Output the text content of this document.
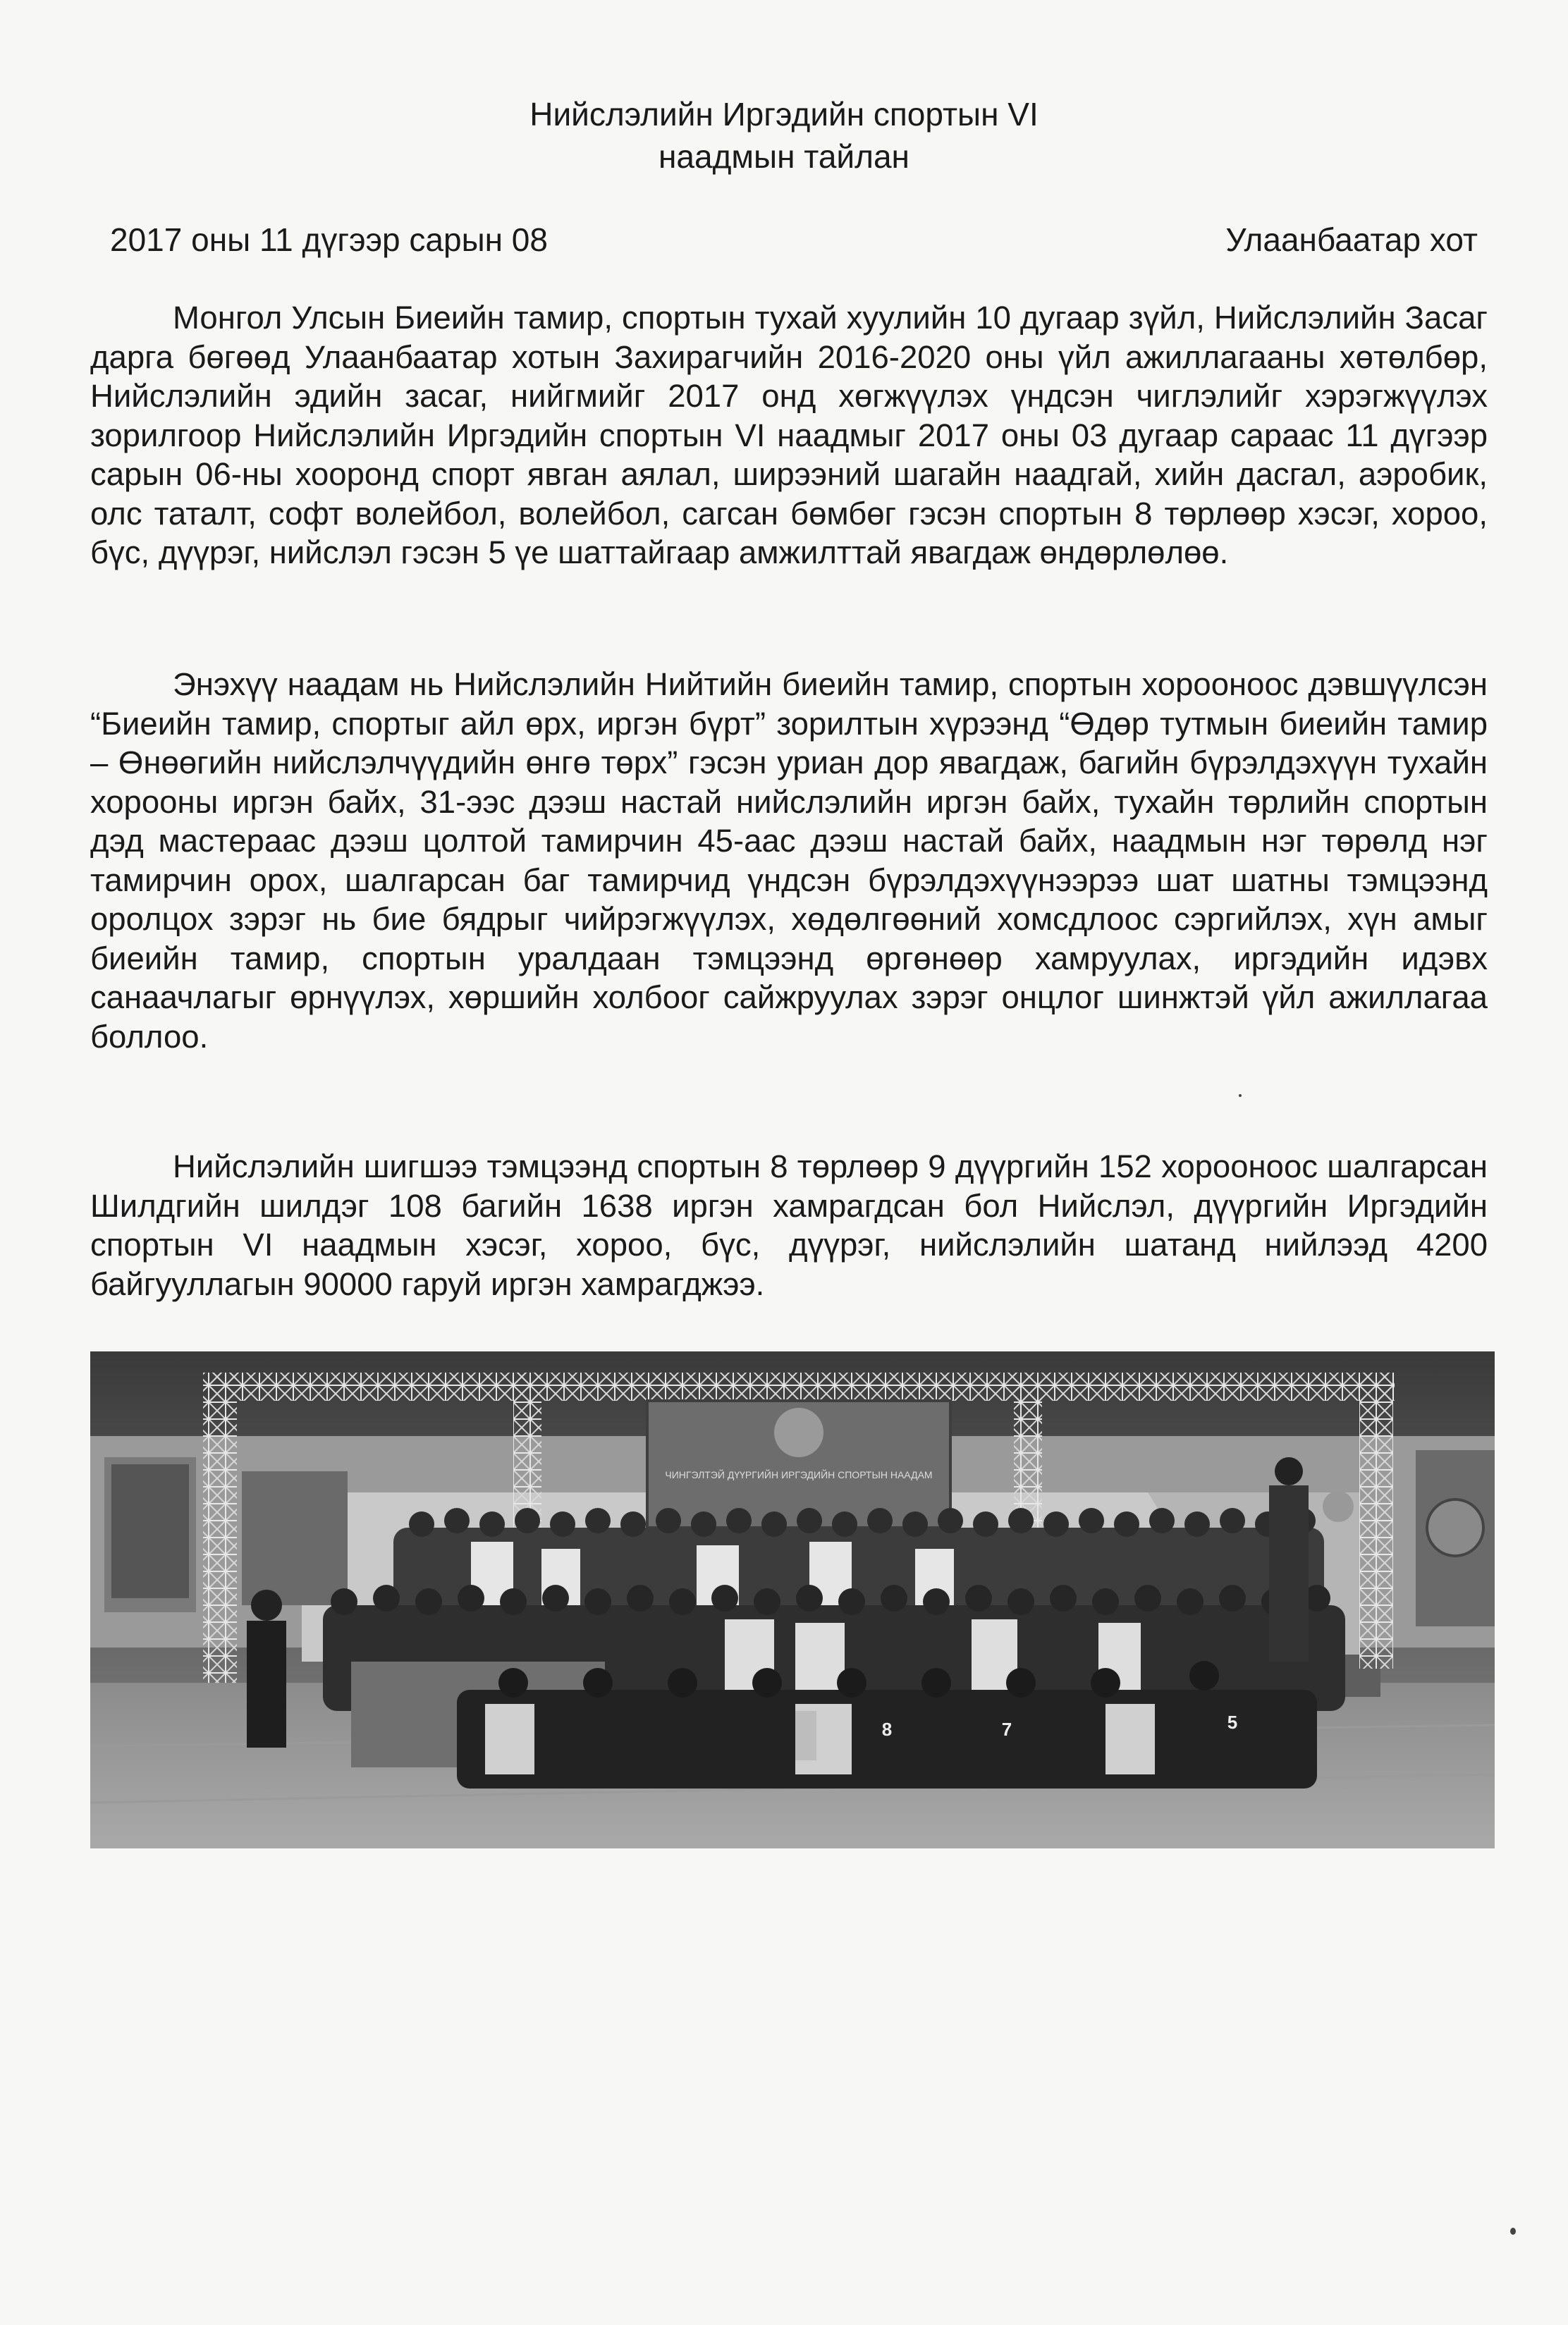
Нийслэлийн Иргэдийн спортын VI
наадмын тайлан
2017 оны 11 дүгээр сарын 08	Улаанбаатар хот

Монгол Улсын Биеийн тамир, спортын тухай хуулийн 10 дугаар зүйл, Нийслэлийн Засаг дарга бөгөөд Улаанбаатар хотын Захирагчийн 2016-2020 оны үйл ажиллагааны хөтөлбөр, Нийслэлийн эдийн засаг, нийгмийг 2017 онд хөгжүүлэх үндсэн чиглэлийг хэрэгжүүлэх зорилгоор Нийслэлийн Иргэдийн спортын VI наадмыг 2017 оны 03 дугаар сараас 11 дүгээр сарын 06-ны хооронд спорт явган аялал, ширээний шагайн наадгай, хийн дасгал, аэробик, олс таталт, софт волейбол, волейбол, сагсан бөмбөг гэсэн спортын 8 төрлөөр хэсэг, хороо, бүс, дүүрэг, нийслэл гэсэн 5 үе шаттайгаар амжилттай явагдаж өндөрлөлөө.

Энэхүү наадам нь Нийслэлийн Нийтийн биеийн тамир, спортын хорооноос дэвшүүлсэн “Биеийн тамир, спортыг айл өрх, иргэн бүрт” зорилтын хүрээнд “Өдөр тутмын биеийн тамир – Өнөөгийн нийслэлчүүдийн өнгө төрх” гэсэн уриан дор явагдаж, багийн бүрэлдэхүүн тухайн хорооны иргэн байх, 31-ээс дээш настай нийслэлийн иргэн байх, тухайн төрлийн спортын дэд мастераас дээш цолтой тамирчин 45-аас дээш настай байх, наадмын нэг төрөлд нэг тамирчин орох, шалгарсан баг тамирчид үндсэн бүрэлдэхүүнээрээ шат шатны тэмцээнд оролцох зэрэг нь бие бядрыг чийрэгжүүлэх, хөдөлгөөний хомсдлоос сэргийлэх, хүн амыг биеийн тамир, спортын уралдаан тэмцээнд өргөнөөр хамруулах, иргэдийн идэвх санаачлагыг өрнүүлэх, хөршийн холбоог сайжруулах зэрэг онцлог шинжтэй үйл ажиллагаа боллоо.

Нийслэлийн шигшээ тэмцээнд спортын 8 төрлөөр 9 дүүргийн 152 хорооноос шалгарсан Шилдгийн шилдэг 108 багийн 1638 иргэн хамрагдсан бол Нийслэл, дүүргийн Иргэдийн спортын VI наадмын хэсэг, хороо, бүс, дүүрэг, нийслэлийн шатанд нийлээд 4200 байгууллагын 90000 гаруй иргэн хамрагджээ.

ЧИНГЭЛТЭЙ ДҮҮРГИЙН ИРГЭДИЙН СПОРТЫН НААДАМ
8	7	5
